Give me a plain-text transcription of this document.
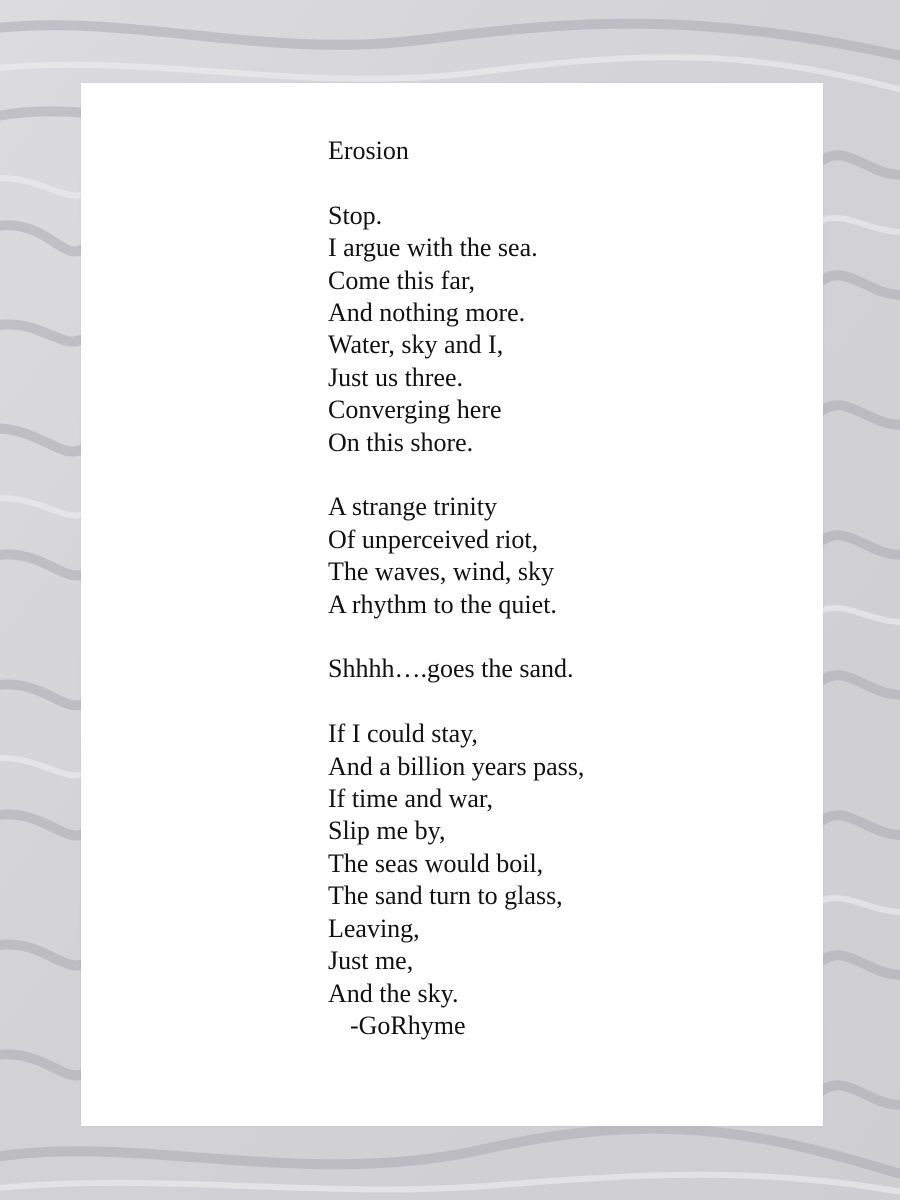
Erosion
Stop.
I argue with the sea.
Come this far,
And nothing more.
Water, sky and I,
Just us three.
Converging here
On this shore.
A strange trinity
Of unperceived riot,
The waves, wind, sky
A rhythm to the quiet.
Shhhh….goes the sand.
If I could stay,
And a billion years pass,
If time and war,
Slip me by,
The seas would boil,
The sand turn to glass,
Leaving,
Just me,
And the sky.
-GoRhyme
